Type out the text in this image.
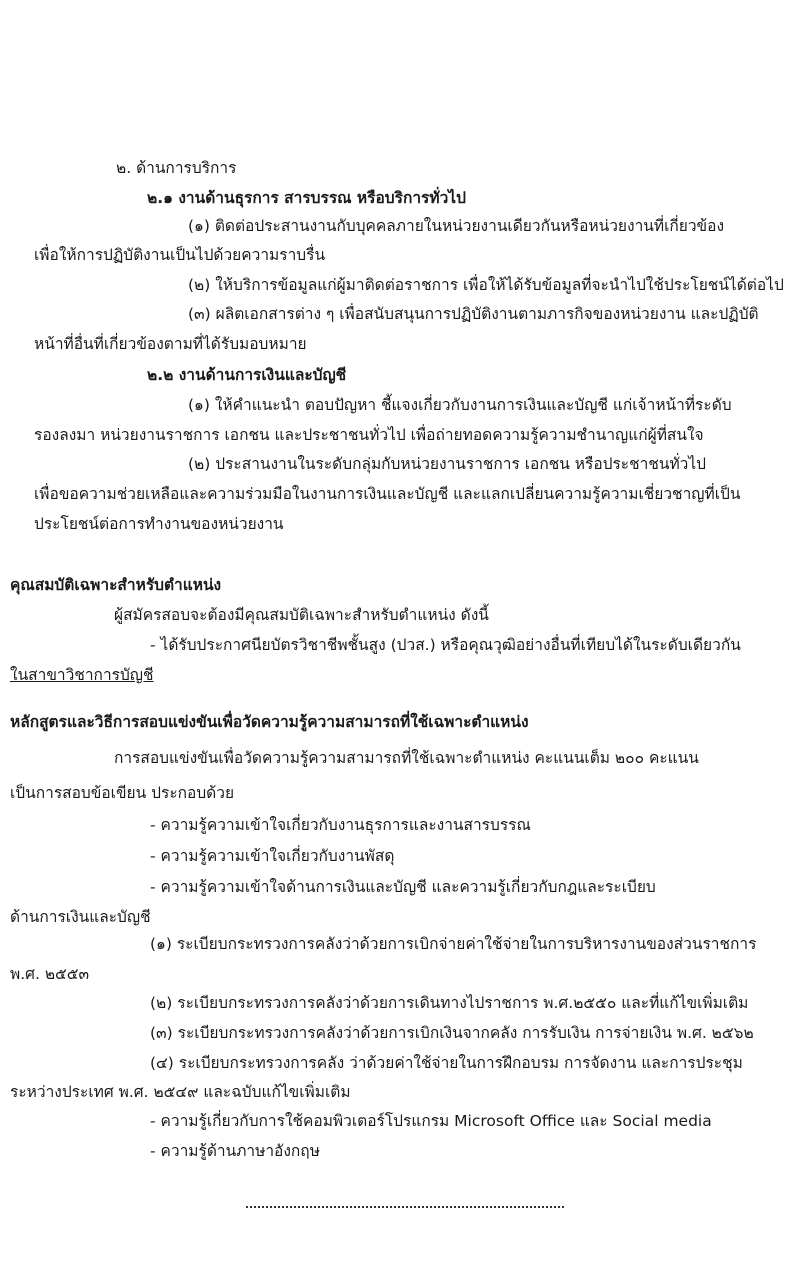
๒. ด้านการบริการ
๒.๑ งานด้านธุรการ สารบรรณ หรือบริการทั่วไป
(๑) ติดต่อประสานงานกับบุคคลภายในหน่วยงานเดียวกันหรือหน่วยงานที่เกี่ยวข้อง
เพื่อให้การปฏิบัติงานเป็นไปด้วยความราบรื่น
(๒) ให้บริการข้อมูลแก่ผู้มาติดต่อราชการ เพื่อให้ได้รับข้อมูลที่จะนำไปใช้ประโยชน์ได้ต่อไป
(๓) ผลิตเอกสารต่าง ๆ เพื่อสนับสนุนการปฏิบัติงานตามภารกิจของหน่วยงาน และปฏิบัติ
หน้าที่อื่นที่เกี่ยวข้องตามที่ได้รับมอบหมาย
๒.๒ งานด้านการเงินและบัญชี
(๑) ให้คำแนะนำ ตอบปัญหา ชี้แจงเกี่ยวกับงานการเงินและบัญชี แก่เจ้าหน้าที่ระดับ
รองลงมา หน่วยงานราชการ เอกชน และประชาชนทั่วไป เพื่อถ่ายทอดความรู้ความชำนาญแก่ผู้ที่สนใจ
(๒) ประสานงานในระดับกลุ่มกับหน่วยงานราชการ เอกชน หรือประชาชนทั่วไป
เพื่อขอความช่วยเหลือและความร่วมมือในงานการเงินและบัญชี และแลกเปลี่ยนความรู้ความเชี่ยวชาญที่เป็น
ประโยชน์ต่อการทำงานของหน่วยงาน
คุณสมบัติเฉพาะสำหรับตำแหน่ง
ผู้สมัครสอบจะต้องมีคุณสมบัติเฉพาะสำหรับตำแหน่ง ดังนี้
- ได้รับประกาศนียบัตรวิชาชีพชั้นสูง (ปวส.) หรือคุณวุฒิอย่างอื่นที่เทียบได้ในระดับเดียวกัน
ในสาขาวิชาการบัญชี
หลักสูตรและวิธีการสอบแข่งขันเพื่อวัดความรู้ความสามารถที่ใช้เฉพาะตำแหน่ง
การสอบแข่งขันเพื่อวัดความรู้ความสามารถที่ใช้เฉพาะตำแหน่ง คะแนนเต็ม ๒๐๐ คะแนน
เป็นการสอบข้อเขียน ประกอบด้วย
- ความรู้ความเข้าใจเกี่ยวกับงานธุรการและงานสารบรรณ
- ความรู้ความเข้าใจเกี่ยวกับงานพัสดุ
- ความรู้ความเข้าใจด้านการเงินและบัญชี และความรู้เกี่ยวกับกฎและระเบียบ
ด้านการเงินและบัญชี
(๑) ระเบียบกระทรวงการคลังว่าด้วยการเบิกจ่ายค่าใช้จ่ายในการบริหารงานของส่วนราชการ
พ.ศ. ๒๕๕๓
(๒) ระเบียบกระทรวงการคลังว่าด้วยการเดินทางไปราชการ พ.ศ.๒๕๕๐ และที่แก้ไขเพิ่มเติม
(๓) ระเบียบกระทรวงการคลังว่าด้วยการเบิกเงินจากคลัง การรับเงิน การจ่ายเงิน พ.ศ. ๒๕๖๒
(๔) ระเบียบกระทรวงการคลัง ว่าด้วยค่าใช้จ่ายในการฝึกอบรม การจัดงาน และการประชุม
ระหว่างประเทศ พ.ศ. ๒๕๔๙ และฉบับแก้ไขเพิ่มเติม
- ความรู้เกี่ยวกับการใช้คอมพิวเตอร์โปรแกรม Microsoft Office และ Social media
- ความรู้ด้านภาษาอังกฤษ
